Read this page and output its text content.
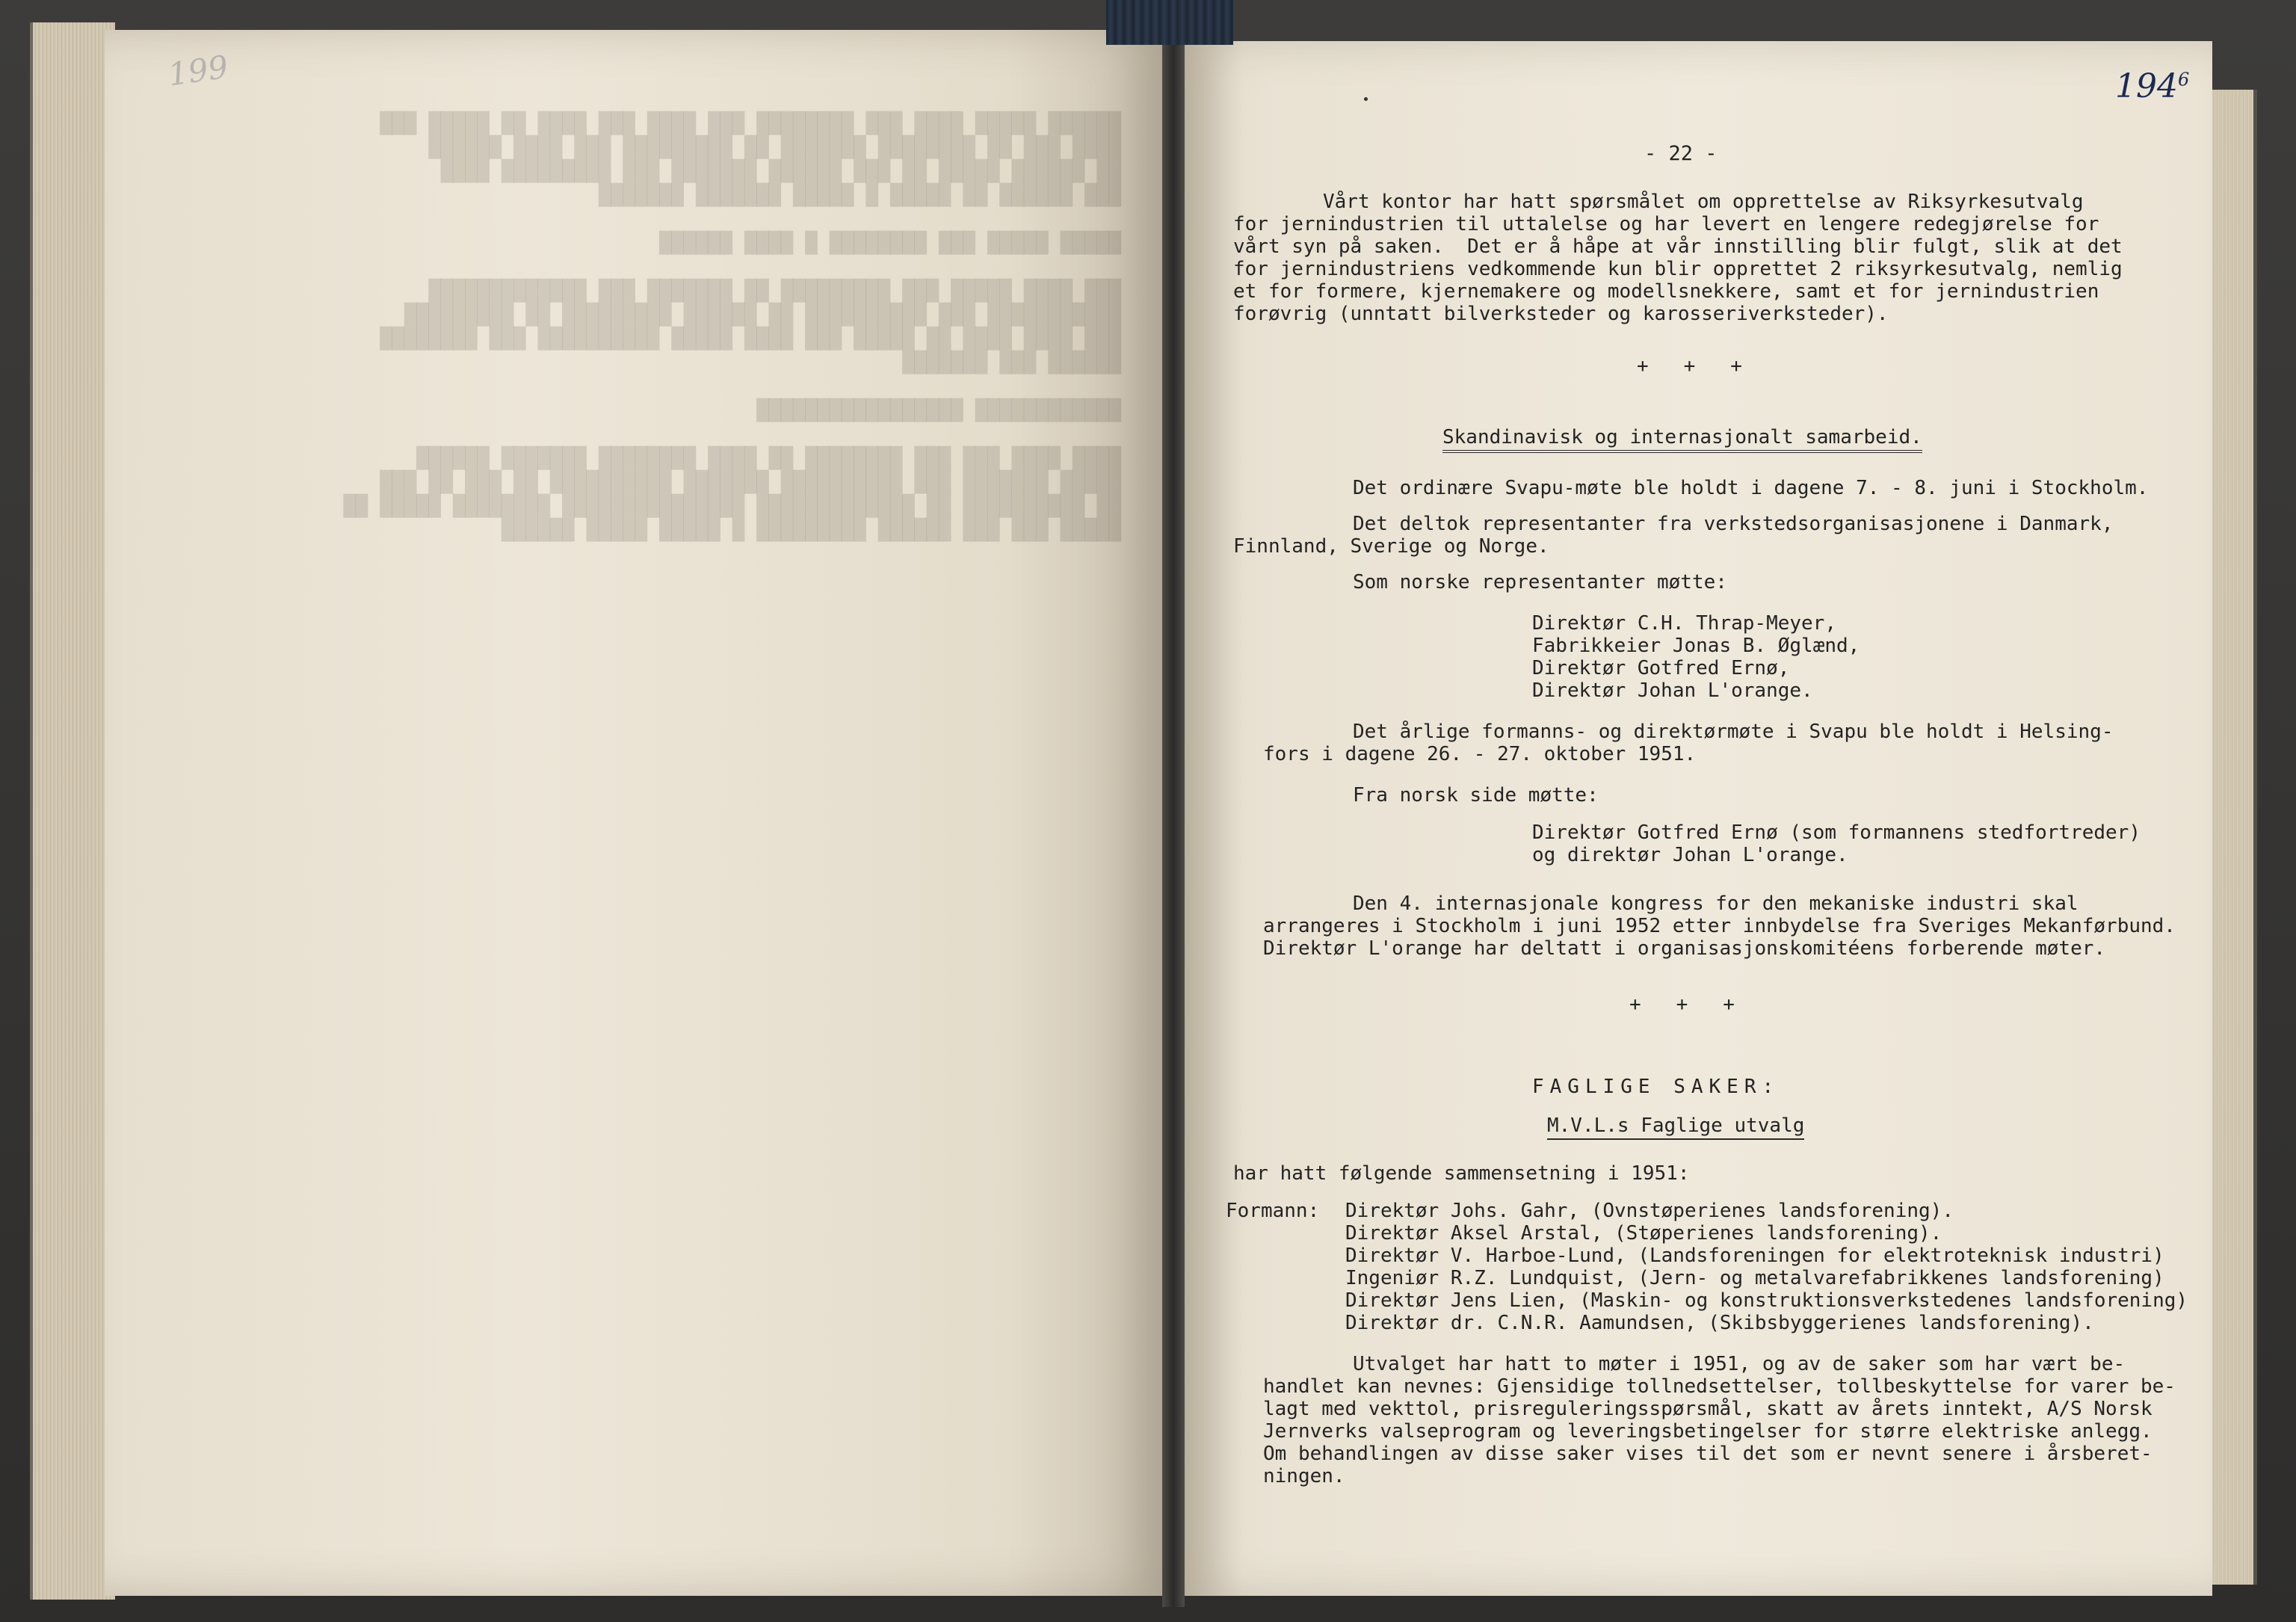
██████ █████ ████ ███ ████████ ███ ████ ███ ████ ██ █████ ███
████ ███ ██ ████████ ███████ ██ █████████ ███ ████ ██████
██ ██████ █████ ██ ███ ██████ ███████ ███ █████████ ████
███ ██████ ██ █████ █ █████ ███████ ███████

█████ █████ ███ ████████ █ ████ ██████

███ ████ █████ ███ █████████ ██ ███████ ███ █████████████
███████████ ███ ██████████ ██ ██████ █████████ ██ █████████
███ ████ ████ ██ █████ ███ ████ █████ ██████████ ███ ████████
██████ ███ ███████

████████████ █████████████████

████ ████ ███ ███ ████████ ██ ████ ████████ ███████ ██████
█████ ███████ ███ ██████████ ███████ ██████████ ██ ███ ██ ███
██ ██████████ ██ █████████████ ███████████████ ████████ █████ ██
█████ ███ ███ ██████ █████████ █ █████ █████ ██████

199	$194^6$
- 22 -
Vårt kontor har hatt spørsmålet om opprettelse av Riksyrkesutvalg
for jernindustrien til uttalelse og har levert en lengere redegjørelse for
vårt syn på saken.  Det er å håpe at vår innstilling blir fulgt, slik at det
for jernindustriens vedkommende kun blir opprettet 2 riksyrkesutvalg, nemlig
et for formere, kjernemakere og modellsnekkere, samt et for jernindustrien
forøvrig (unntatt bilverksteder og karosseriverksteder).
+   +   +
Skandinavisk og internasjonalt samarbeid.
Det ordinære Svapu-møte ble holdt i dagene 7. - 8. juni i Stockholm.
Det deltok representanter fra verkstedsorganisasjonene i Danmark,
Finnland, Sverige og Norge.
Som norske representanter møtte:
Direktør C.H. Thrap-Meyer,
Fabrikkeier Jonas B. Øglænd,
Direktør Gotfred Ernø,
Direktør Johan L'orange.
Det årlige formanns- og direktørmøte i Svapu ble holdt i Helsing-
fors i dagene 26. - 27. oktober 1951.
Fra norsk side møtte:
Direktør Gotfred Ernø (som formannens stedfortreder)
og direktør Johan L'orange.
Den 4. internasjonale kongress for den mekaniske industri skal
arrangeres i Stockholm i juni 1952 etter innbydelse fra Sveriges Mekanførbund.
Direktør L'orange har deltatt i organisasjonskomitéens forberende møter.
+   +   +
FAGLIGE SAKER:
M.V.L.s Faglige utvalg
har hatt følgende sammensetning i 1951:
Formann:	Direktør Johs. Gahr, (Ovnstøperienes landsforening).
Direktør Aksel Arstal, (Støperienes landsforening).
Direktør V. Harboe-Lund, (Landsforeningen for elektroteknisk industri)
Ingeniør R.Z. Lundquist, (Jern- og metalvarefabrikkenes landsforening)
Direktør Jens Lien, (Maskin- og konstruktionsverkstedenes landsforening)
Direktør dr. C.N.R. Aamundsen, (Skibsbyggerienes landsforening).
Utvalget har hatt to møter i 1951, og av de saker som har vært be-
handlet kan nevnes: Gjensidige tollnedsettelser, tollbeskyttelse for varer be-
lagt med vekttol, prisreguleringsspørsmål, skatt av årets inntekt, A/S Norsk
Jernverks valseprogram og leveringsbetingelser for større elektriske anlegg.
Om behandlingen av disse saker vises til det som er nevnt senere i årsberet-
ningen.
